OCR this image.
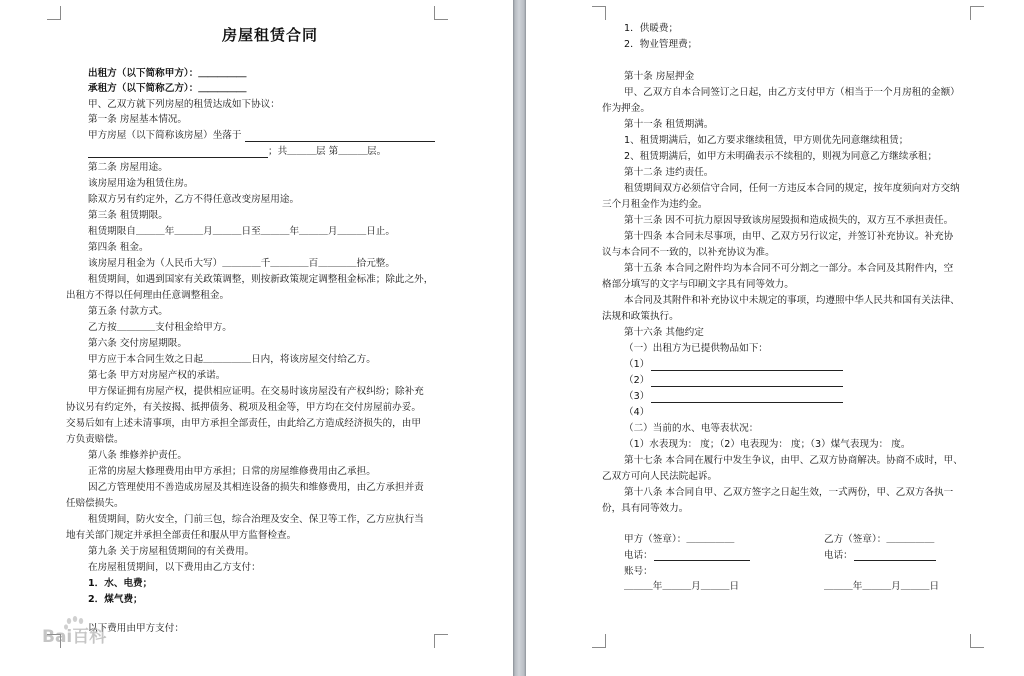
房屋租赁合同
出租方（以下简称甲方）：＿＿＿＿＿
承租方（以下简称乙方）：＿＿＿＿＿
甲、乙双方就下列房屋的租赁达成如下协议：
第一条 房屋基本情况。
甲方房屋（以下简称该房屋）坐落于
；共＿＿＿层 第＿＿＿层。
第二条 房屋用途。
该房屋用途为租赁住房。
除双方另有约定外，乙方不得任意改变房屋用途。
第三条 租赁期限。
租赁期限自＿＿＿年＿＿＿月＿＿＿日至＿＿＿年＿＿＿月＿＿＿日止。
第四条 租金。
该房屋月租金为（人民币大写）＿＿＿＿千＿＿＿＿百＿＿＿＿拾元整。
租赁期间，如遇到国家有关政策调整，则按新政策规定调整租金标准；除此之外，
出租方不得以任何理由任意调整租金。
第五条 付款方式。
乙方按＿＿＿＿支付租金给甲方。
第六条 交付房屋期限。
甲方应于本合同生效之日起＿＿＿＿＿日内，将该房屋交付给乙方。
第七条 甲方对房屋产权的承诺。
甲方保证拥有房屋产权，提供相应证明。在交易时该房屋没有产权纠纷；除补充
协议另有约定外，有关按揭、抵押债务、税项及租金等，甲方均在交付房屋前办妥。
交易后如有上述未清事项，由甲方承担全部责任，由此给乙方造成经济损失的，由甲
方负责赔偿。
第八条 维修养护责任。
正常的房屋大修理费用由甲方承担；日常的房屋维修费用由乙承担。
因乙方管理使用不善造成房屋及其相连设备的损失和维修费用，由乙方承担并责
任赔偿损失。
租赁期间，防火安全，门前三包，综合治理及安全、保卫等工作，乙方应执行当
地有关部门规定并承担全部责任和服从甲方监督检查。
第九条 关于房屋租赁期间的有关费用。
在房屋租赁期间，以下费用由乙方支付：
1．水、电费；
2．煤气费；
以下费用由甲方支付：
Bai百科
1．供暖费；
2．物业管理费；
第十条 房屋押金
甲、乙双方自本合同签订之日起，由乙方支付甲方（相当于一个月房租的金额）
作为押金。
第十一条 租赁期满。
1、租赁期满后，如乙方要求继续租赁，甲方则优先同意继续租赁；
2、租赁期满后，如甲方未明确表示不续租的，则视为同意乙方继续承租；
第十二条 违约责任。
租赁期间双方必须信守合同，任何一方违反本合同的规定，按年度须向对方交纳
三个月租金作为违约金。
第十三条 因不可抗力原因导致该房屋毁损和造成损失的，双方互不承担责任。
第十四条 本合同未尽事项，由甲、乙双方另行议定，并签订补充协议。补充协
议与本合同不一致的，以补充协议为准。
第十五条 本合同之附件均为本合同不可分割之一部分。本合同及其附件内，空
格部分填写的文字与印刷文字具有同等效力。
本合同及其附件和补充协议中未规定的事项，均遵照中华人民共和国有关法律、
法规和政策执行。
第十六条 其他约定
（一）出租方为已提供物品如下：
（1）
（2）
（3）
（4）
（二）当前的水、电等表状况：
（1）水表现为： 度；（2）电表现为： 度；（3）煤气表现为： 度。
第十七条 本合同在履行中发生争议，由甲、乙双方协商解决。协商不成时，甲、
乙双方可向人民法院起诉。
第十八条 本合同自甲、乙双方签字之日起生效，一式两份，甲、乙双方各执一
份，具有同等效力。
甲方（签章）：＿＿＿＿＿	乙方（签章）：＿＿＿＿＿
电话：	电话：
账号：
＿＿＿年＿＿＿月＿＿＿日	＿＿＿年＿＿＿月＿＿＿日
